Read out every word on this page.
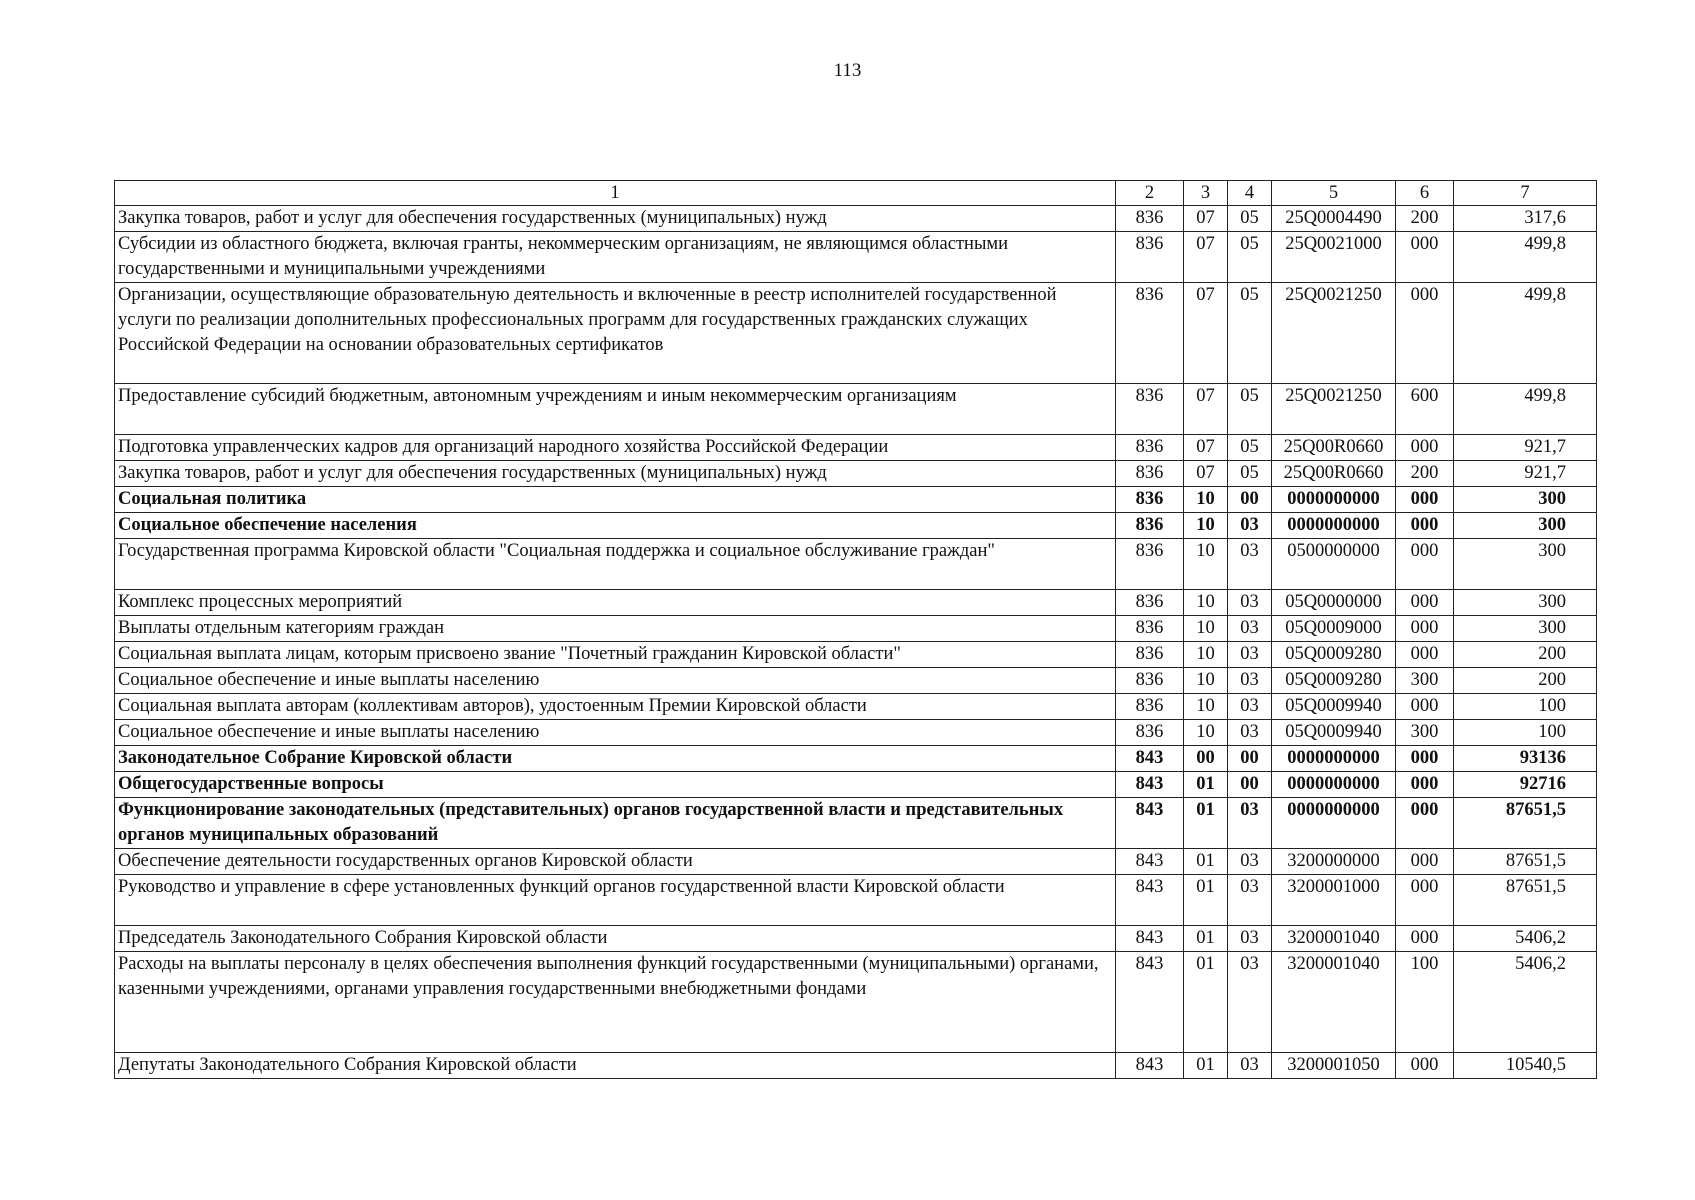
113
1	2	3	4	5	6	7
Закупка товаров, работ и услуг для обеспечения государственных (муниципальных) нужд	836	07	05	25Q0004490	200	317,6
Субсидии из областного бюджета, включая гранты, некоммерческим организациям, не являющимся областными государственными и муниципальными учреждениями	836	07	05	25Q0021000	000	499,8
Организации, осуществляющие образовательную деятельность и включенные в реестр исполнителей государственной услуги по реализации дополнительных профессиональных программ для государственных гражданских служащих Российской Федерации на основании образовательных сертификатов	836	07	05	25Q0021250	000	499,8
Предоставление субсидий бюджетным, автономным учреждениям и иным некоммерческим организациям	836	07	05	25Q0021250	600	499,8
Подготовка управленческих кадров для организаций народного хозяйства Российской Федерации	836	07	05	25Q00R0660	000	921,7
Закупка товаров, работ и услуг для обеспечения государственных (муниципальных) нужд	836	07	05	25Q00R0660	200	921,7
Социальная политика	836	10	00	0000000000	000	300
Социальное обеспечение населения	836	10	03	0000000000	000	300
Государственная программа Кировской области "Социальная поддержка и социальное обслуживание граждан"	836	10	03	0500000000	000	300
Комплекс процессных мероприятий	836	10	03	05Q0000000	000	300
Выплаты отдельным категориям граждан	836	10	03	05Q0009000	000	300
Социальная выплата лицам, которым присвоено звание "Почетный гражданин Кировской области"	836	10	03	05Q0009280	000	200
Социальное обеспечение и иные выплаты населению	836	10	03	05Q0009280	300	200
Социальная выплата авторам (коллективам авторов), удостоенным Премии Кировской области	836	10	03	05Q0009940	000	100
Социальное обеспечение и иные выплаты населению	836	10	03	05Q0009940	300	100
Законодательное Собрание Кировской области	843	00	00	0000000000	000	93136
Общегосударственные вопросы	843	01	00	0000000000	000	92716
Функционирование законодательных (представительных) органов государственной власти и представительных органов муниципальных образований	843	01	03	0000000000	000	87651,5
Обеспечение деятельности государственных органов Кировской области	843	01	03	3200000000	000	87651,5
Руководство и управление в сфере установленных функций органов государственной власти Кировской области	843	01	03	3200001000	000	87651,5
Председатель Законодательного Собрания Кировской области	843	01	03	3200001040	000	5406,2
Расходы на выплаты персоналу в целях обеспечения выполнения функций государственными (муниципальными) органами, казенными учреждениями, органами управления государственными внебюджетными фондами	843	01	03	3200001040	100	5406,2
Депутаты Законодательного Собрания Кировской области	843	01	03	3200001050	000	10540,5
